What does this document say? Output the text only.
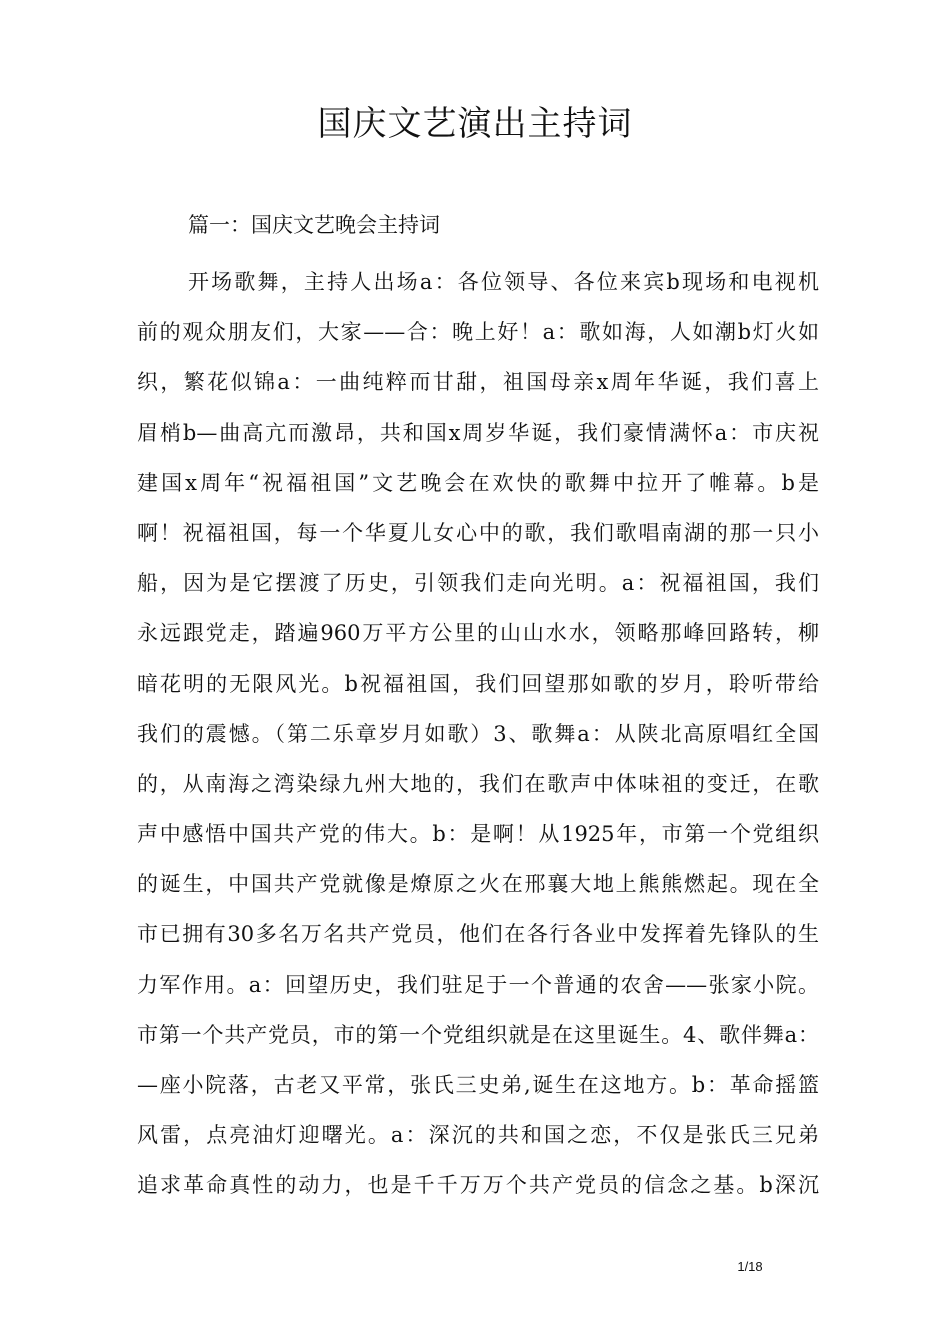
国庆文艺演出主持词

篇一：国庆文艺晚会主持词

开场歌舞，主持人出场a：各位领导、各位来宾b现场和电视机
前的观众朋友们，大家——合：晚上好！a：歌如海，人如潮b灯火如
织，繁花似锦a：一曲纯粹而甘甜，祖国母亲x周年华诞，我们喜上
眉梢b—曲高亢而激昂，共和国x周岁华诞，我们豪情满怀a：市庆祝
建国x周年“祝福祖国”文艺晚会在欢快的歌舞中拉开了帷幕。b是
啊！祝福祖国，每一个华夏儿女心中的歌，我们歌唱南湖的那一只小
船，因为是它摆渡了历史，引领我们走向光明。a：祝福祖国，我们
永远跟党走，踏遍960万平方公里的山山水水，领略那峰回路转，柳
暗花明的无限风光。b祝福祖国，我们回望那如歌的岁月，聆听带给
我们的震憾。（第二乐章岁月如歌）3、歌舞a：从陕北高原唱红全国
的，从南海之湾染绿九州大地的，我们在歌声中体味祖的变迁，在歌
声中感悟中国共产党的伟大。b：是啊！从1925年，市第一个党组织
的诞生，中国共产党就像是燎原之火在邢襄大地上熊熊燃起。现在全
市已拥有30多名万名共产党员，他们在各行各业中发挥着先锋队的生
力军作用。a：回望历史，我们驻足于一个普通的农舍——张家小院。
市第一个共产党员，市的第一个党组织就是在这里诞生。4、歌伴舞a：
—座小院落，古老又平常，张氏三史弟,诞生在这地方。b：革命摇篮
风雷，点亮油灯迎曙光。a：深沉的共和国之恋，不仅是张氏三兄弟
追求革命真性的动力，也是千千万万个共产党员的信念之基。b深沉
1/18
